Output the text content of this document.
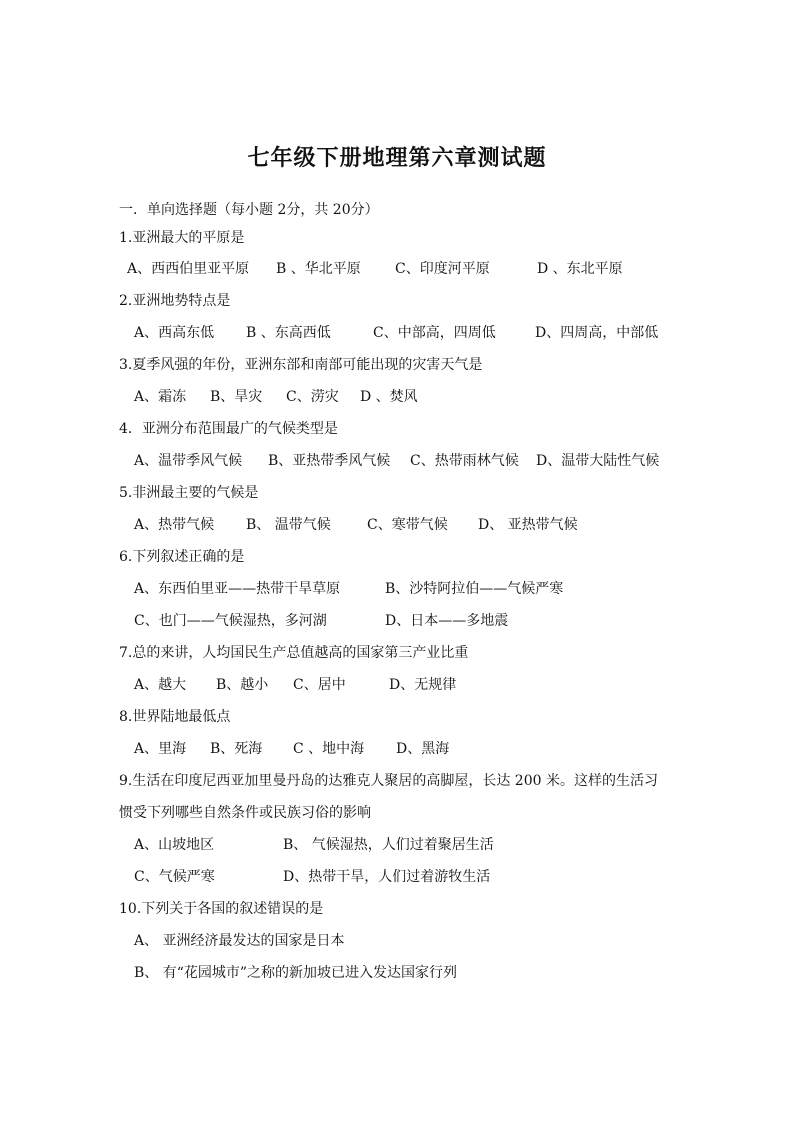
七年级下册地理第六章测试题
一．单向选择题（每小题 2分，共 20分）
1.亚洲最大的平原是
A、西西伯里亚平原 B 、华北平原 C、印度河平原	D 、东北平原
2.亚洲地势特点是
A、西高东低 B 、东高西低	C、中部高，四周低	D、四周高，中部低
3.夏季风强的年份，亚洲东部和南部可能出现的灾害天气是
A、霜冻 B、旱灾 C、涝灾 D 、焚风
4．亚洲分布范围最广的气候类型是
A、温带季风气候 B、亚热带季风气候 C、热带雨林气候 D、温带大陆性气候
5.非洲最主要的气候是
A、热带气候 B、 温带气候	C、寒带气候 D、 亚热带气候
6.下列叙述正确的是
A、东西伯里亚——热带干旱草原	B、沙特阿拉伯——气候严寒
C、也门——气候湿热，多河湖	D、日本——多地震
7.总的来讲，人均国民生产总值越高的国家第三产业比重
A、越大 B、越小 C、居中	D、无规律
8.世界陆地最低点
A、里海 B、死海 C 、地中海 D、黑海
9.生活在印度尼西亚加里曼丹岛的达雅克人聚居的高脚屋，长达 200 米。这样的生活习
惯受下列哪些自然条件或民族习俗的影响
A、山坡地区	B、 气候湿热，人们过着聚居生活
C、气候严寒	D、热带干旱，人们过着游牧生活
10.下列关于各国的叙述错误的是
A、 亚洲经济最发达的国家是日本
B、 有“花园城市”之称的新加坡已进入发达国家行列
